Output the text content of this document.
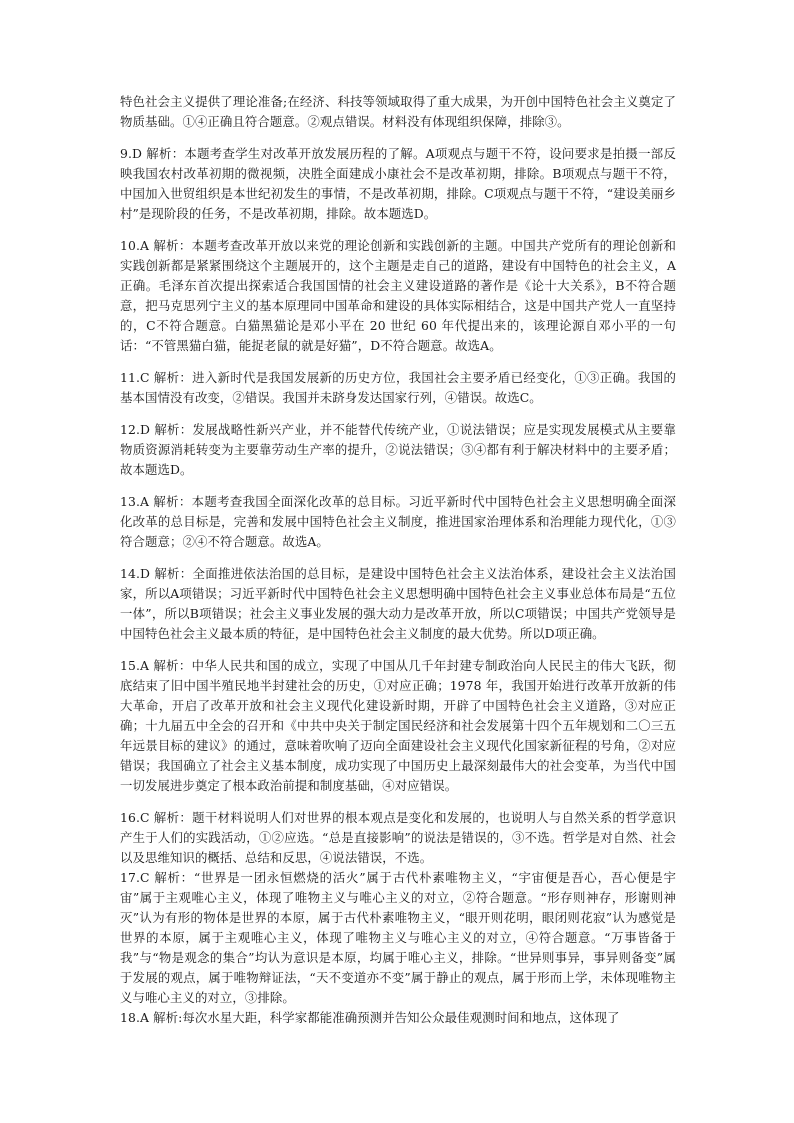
特色社会主义提供了理论准备;在经济、科技等领域取得了重大成果，为开创中国特色社会主义奠定了物质基础。①④正确且符合题意。②观点错误。材料没有体现组织保障，排除③。

9.D 解析：本题考查学生对改革开放发展历程的了解。A项观点与题干不符，设问要求是拍摄一部反映我国农村改革初期的微视频，决胜全面建成小康社会不是改革初期，排除。B项观点与题干不符，中国加入世贸组织是本世纪初发生的事情，不是改革初期，排除。C项观点与题干不符，“建设美丽乡村”是现阶段的任务，不是改革初期，排除。故本题选D。

10.A 解析：本题考查改革开放以来党的理论创新和实践创新的主题。中国共产党所有的理论创新和实践创新都是紧紧围绕这个主题展开的，这个主题是走自己的道路，建设有中国特色的社会主义，A正确。毛泽东首次提出探索适合我国国情的社会主义建设道路的著作是《论十大关系》，B不符合题意，把马克思列宁主义的基本原理同中国革命和建设的具体实际相结合，这是中国共产党人一直坚持的，C不符合题意。白猫黑猫论是邓小平在 20 世纪 60 年代提出来的，该理论源自邓小平的一句话：“不管黑猫白猫，能捉老鼠的就是好猫”，D不符合题意。故选A。

11.C 解析：进入新时代是我国发展新的历史方位，我国社会主要矛盾已经变化，①③正确。我国的基本国情没有改变，②错误。我国并未跻身发达国家行列，④错误。故选C。

12.D 解析：发展战略性新兴产业，并不能替代传统产业，①说法错误；应是实现发展模式从主要靠物质资源消耗转变为主要靠劳动生产率的提升，②说法错误；③④都有利于解决材料中的主要矛盾；故本题选D。

13.A 解析：本题考查我国全面深化改革的总目标。习近平新时代中国特色社会主义思想明确全面深化改革的总目标是，完善和发展中国特色社会主义制度，推进国家治理体系和治理能力现代化，①③符合题意；②④不符合题意。故选A。

14.D 解析：全面推进依法治国的总目标，是建设中国特色社会主义法治体系，建设社会主义法治国家，所以A项错误；习近平新时代中国特色社会主义思想明确中国特色社会主义事业总体布局是“五位一体”，所以B项错误；社会主义事业发展的强大动力是改革开放，所以C项错误；中国共产党领导是中国特色社会主义最本质的特征，是中国特色社会主义制度的最大优势。所以D项正确。

15.A 解析：中华人民共和国的成立，实现了中国从几千年封建专制政治向人民民主的伟大飞跃，彻底结束了旧中国半殖民地半封建社会的历史，①对应正确；1978 年，我国开始进行改革开放新的伟大革命，开启了改革开放和社会主义现代化建设新时期，开辟了中国特色社会主义道路，③对应正确；十九届五中全会的召开和《中共中央关于制定国民经济和社会发展第十四个五年规划和二〇三五年远景目标的建议》的通过，意味着吹响了迈向全面建设社会主义现代化国家新征程的号角，②对应错误；我国确立了社会主义基本制度，成功实现了中国历史上最深刻最伟大的社会变革，为当代中国一切发展进步奠定了根本政治前提和制度基础，④对应错误。

16.C 解析：题干材料说明人们对世界的根本观点是变化和发展的，也说明人与自然关系的哲学意识产生于人们的实践活动，①②应选。“总是直接影响”的说法是错误的，③不选。哲学是对自然、社会以及思维知识的概括、总结和反思，④说法错误，不选。

17.C 解析：“世界是一团永恒燃烧的活火”属于古代朴素唯物主义，“宇宙便是吾心，吾心便是宇宙”属于主观唯心主义，体现了唯物主义与唯心主义的对立，②符合题意。“形存则神存，形谢则神灭”认为有形的物体是世界的本原，属于古代朴素唯物主义，“眼开则花明，眼闭则花寂”认为感觉是世界的本原，属于主观唯心主义，体现了唯物主义与唯心主义的对立，④符合题意。“万事皆备于我”与“物是观念的集合”均认为意识是本原，均属于唯心主义，排除。“世异则事异，事异则备变”属于发展的观点，属于唯物辩证法，“天不变道亦不变”属于静止的观点，属于形而上学，未体现唯物主义与唯心主义的对立，③排除。

18.A 解析:每次水星大距，科学家都能准确预测并告知公众最佳观测时间和地点，这体现了
